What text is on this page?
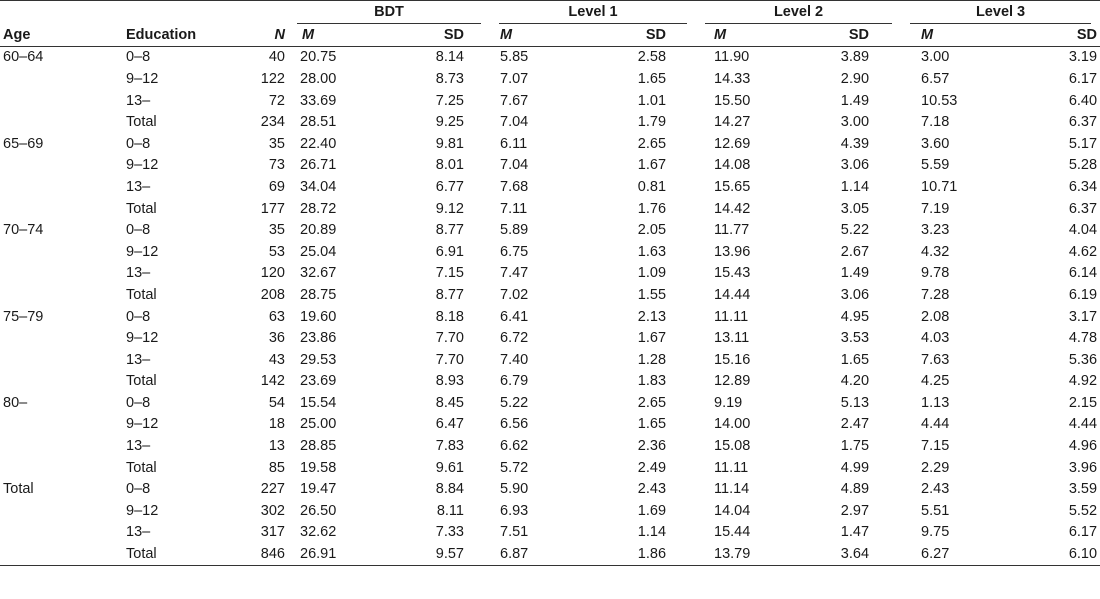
			BDT		Level 1		Level 2		Level 3	

Age	Education	N	M	SD	M	SD	M	SD	M	SD
60–64	0–8	40	20.75	8.14	5.85	2.58	11.90	3.89	3.00	3.19
	9–12	122	28.00	8.73	7.07	1.65	14.33	2.90	6.57	6.17
	13–	72	33.69	7.25	7.67	1.01	15.50	1.49	10.53	6.40
	Total	234	28.51	9.25	7.04	1.79	14.27	3.00	7.18	6.37
65–69	0–8	35	22.40	9.81	6.11	2.65	12.69	4.39	3.60	5.17
	9–12	73	26.71	8.01	7.04	1.67	14.08	3.06	5.59	5.28
	13–	69	34.04	6.77	7.68	0.81	15.65	1.14	10.71	6.34
	Total	177	28.72	9.12	7.11	1.76	14.42	3.05	7.19	6.37
70–74	0–8	35	20.89	8.77	5.89	2.05	11.77	5.22	3.23	4.04
	9–12	53	25.04	6.91	6.75	1.63	13.96	2.67	4.32	4.62
	13–	120	32.67	7.15	7.47	1.09	15.43	1.49	9.78	6.14
	Total	208	28.75	8.77	7.02	1.55	14.44	3.06	7.28	6.19
75–79	0–8	63	19.60	8.18	6.41	2.13	11.11	4.95	2.08	3.17
	9–12	36	23.86	7.70	6.72	1.67	13.11	3.53	4.03	4.78
	13–	43	29.53	7.70	7.40	1.28	15.16	1.65	7.63	5.36
	Total	142	23.69	8.93	6.79	1.83	12.89	4.20	4.25	4.92
80–	0–8	54	15.54	8.45	5.22	2.65	9.19	5.13	1.13	2.15
	9–12	18	25.00	6.47	6.56	1.65	14.00	2.47	4.44	4.44
	13–	13	28.85	7.83	6.62	2.36	15.08	1.75	7.15	4.96
	Total	85	19.58	9.61	5.72	2.49	11.11	4.99	2.29	3.96
Total	0–8	227	19.47	8.84	5.90	2.43	11.14	4.89	2.43	3.59
	9–12	302	26.50	8.11	6.93	1.69	14.04	2.97	5.51	5.52
	13–	317	32.62	7.33	7.51	1.14	15.44	1.47	9.75	6.17
	Total	846	26.91	9.57	6.87	1.86	13.79	3.64	6.27	6.10
